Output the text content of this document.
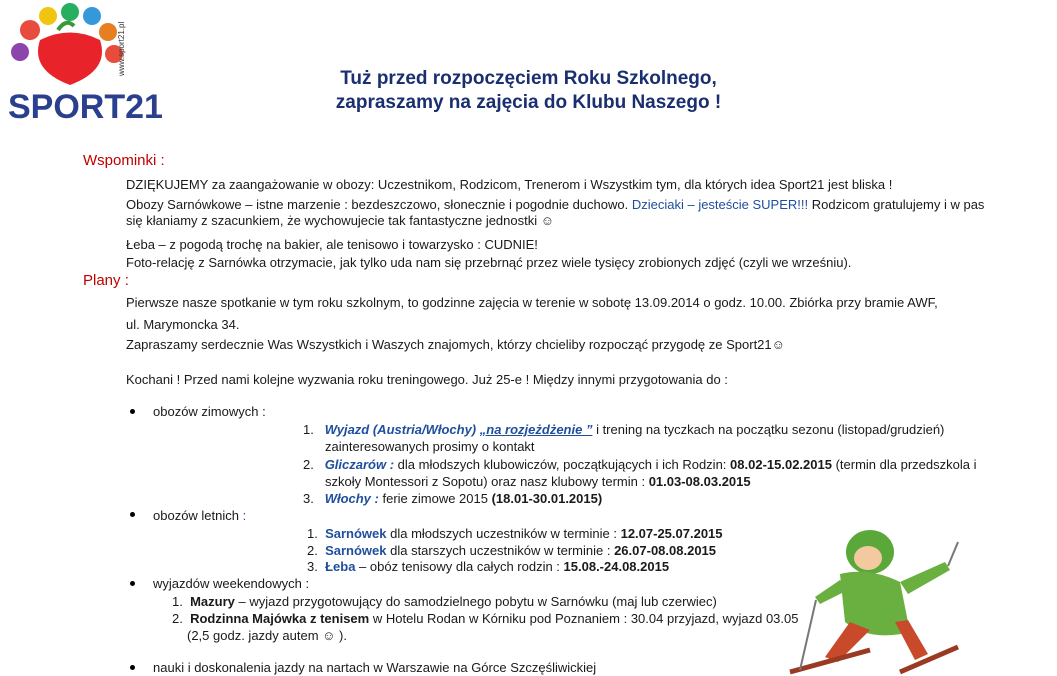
SPORT21
www.sport21.pl
Tuż przed rozpoczęciem Roku Szkolnego,
zapraszamy na zajęcia do Klubu Naszego !
Wspominki :
DZIĘKUJEMY za zaangażowanie w obozy: Uczestnikom, Rodzicom, Trenerom i Wszystkim tym, dla których idea Sport21 jest bliska !
Obozy Sarnówkowe – istne marzenie : bezdeszczowo, słonecznie i pogodnie duchowo. Dzieciaki – jesteście SUPER!!! Rodzicom gratulujemy i w pas
się kłaniamy z szacunkiem, że wychowujecie tak fantastyczne jednostki ☺
Łeba – z pogodą trochę na bakier, ale tenisowo i towarzysko : CUDNIE!
Foto-relację z Sarnówka otrzymacie, jak tylko uda nam się przebrnąć przez wiele tysięcy zrobionych zdjęć (czyli we wrześniu).
Plany :
Pierwsze nasze spotkanie w tym roku szkolnym, to godzinne zajęcia w terenie w sobotę 13.09.2014 o godz. 10.00. Zbiórka przy bramie AWF,
ul. Marymoncka 34.
Zapraszamy serdecznie Was Wszystkich i Waszych znajomych, którzy chcieliby rozpocząć przygodę ze Sport21☺
Kochani ! Przed nami kolejne wyzwania roku treningowego. Już 25-e ! Między innymi przygotowania do :
obozów zimowych :
1. Wyjazd (Austria/Włochy) „na rozjeżdżenie ” i trening na tyczkach na początku sezonu (listopad/grudzień)
zainteresowanych prosimy o kontakt
2. Gliczarów : dla młodszych klubowiczów, początkujących i ich Rodzin: 08.02-15.02.2015 (termin dla przedszkola i
szkoły Montessori z Sopotu) oraz nasz klubowy termin : 01.03-08.03.2015
3. Włochy : ferie zimowe 2015 (18.01-30.01.2015)
obozów letnich :
1. Sarnówek dla młodszych uczestników w terminie : 12.07-25.07.2015
2. Sarnówek dla starszych uczestników w terminie : 26.07-08.08.2015
3. Łeba – obóz tenisowy dla całych rodzin : 15.08.-24.08.2015
wyjazdów weekendowych :
1. Mazury – wyjazd przygotowujący do samodzielnego pobytu w Sarnówku (maj lub czerwiec)
2. Rodzinna Majówka z tenisem w Hotelu Rodan w Kórniku pod Poznaniem : 30.04 przyjazd, wyjazd 03.05
(2,5 godz. jazdy autem ☺ ).
nauki i doskonalenia jazdy na nartach w Warszawie na Górce Szczęśliwickiej
